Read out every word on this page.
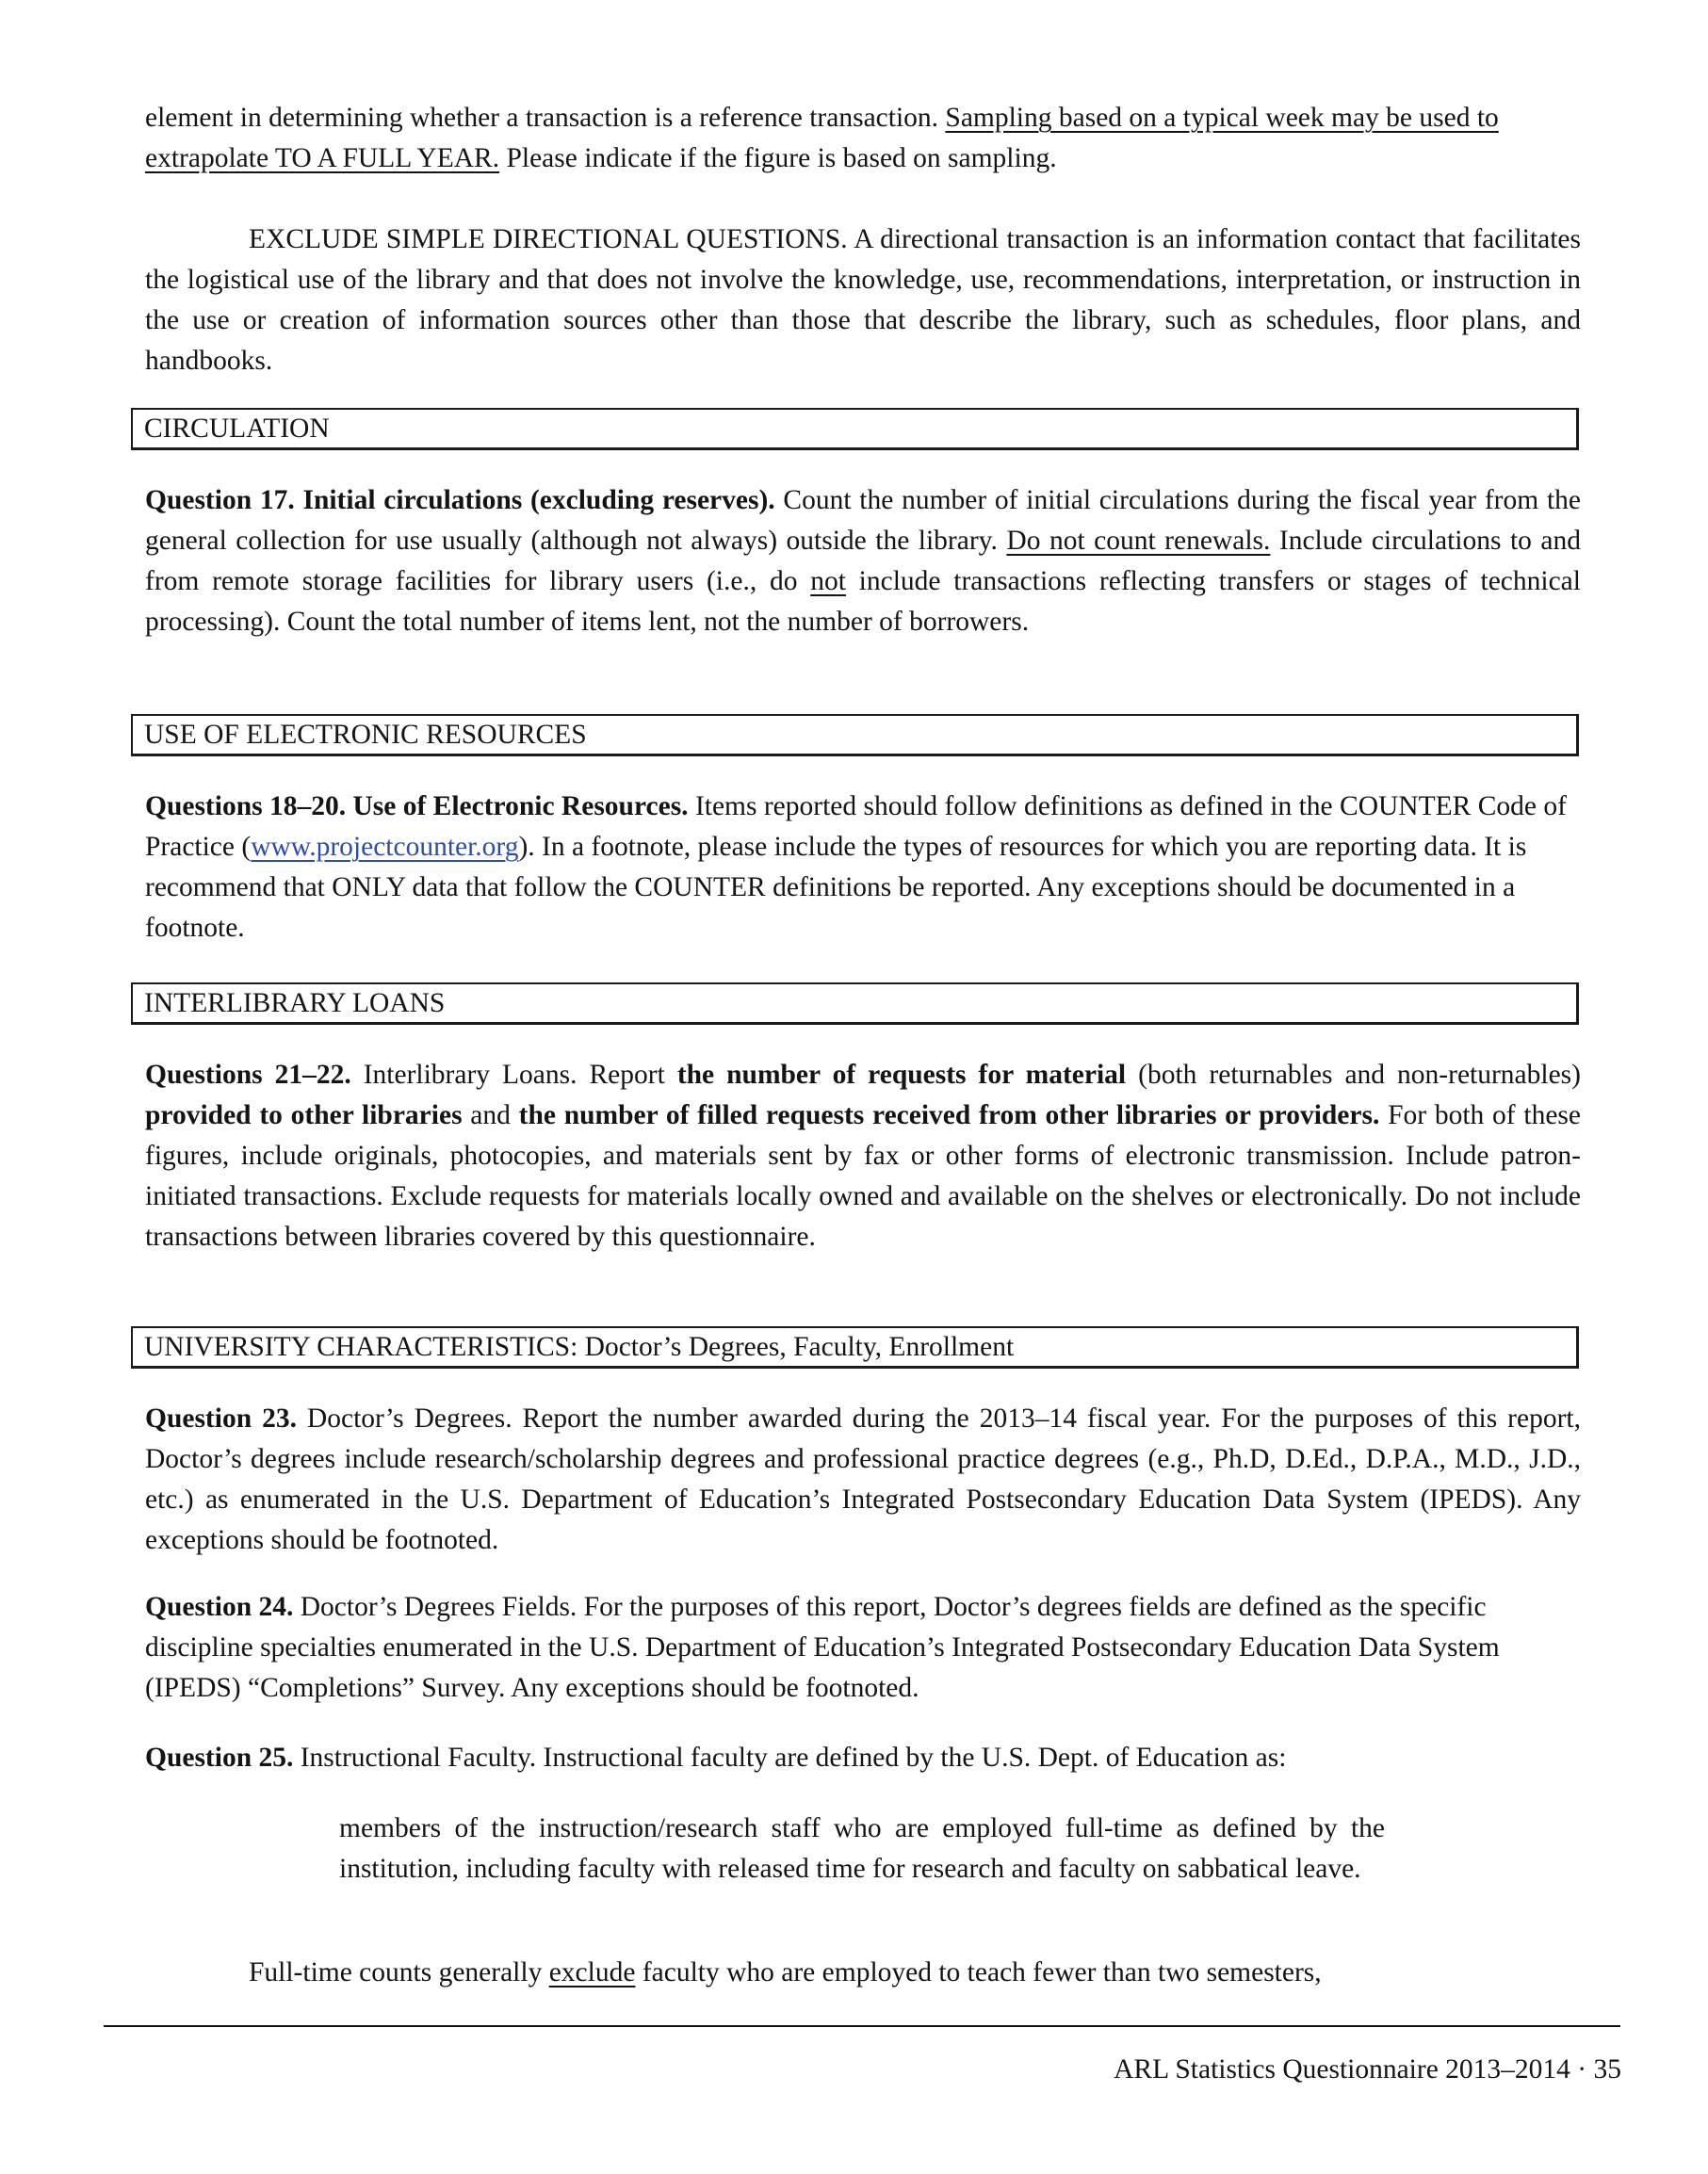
element in determining whether a transaction is a reference transaction. Sampling based on a typical week may be used to extrapolate TO A FULL YEAR. Please indicate if the figure is based on sampling.
EXCLUDE SIMPLE DIRECTIONAL QUESTIONS. A directional transaction is an information contact that facilitates the logistical use of the library and that does not involve the knowledge, use, recommendations, interpretation, or instruction in the use or creation of information sources other than those that describe the library, such as schedules, floor plans, and handbooks.
CIRCULATION
Question 17. Initial circulations (excluding reserves). Count the number of initial circulations during the fiscal year from the general collection for use usually (although not always) outside the library. Do not count renewals. Include circulations to and from remote storage facilities for library users (i.e., do not include transactions reflecting transfers or stages of technical processing). Count the total number of items lent, not the number of borrowers.
USE OF ELECTRONIC RESOURCES
Questions 18–20. Use of Electronic Resources. Items reported should follow definitions as defined in the COUNTER Code of Practice (www.projectcounter.org). In a footnote, please include the types of resources for which you are reporting data. It is recommend that ONLY data that follow the COUNTER definitions be reported. Any exceptions should be documented in a footnote.
INTERLIBRARY LOANS
Questions 21–22. Interlibrary Loans. Report the number of requests for material (both returnables and non-returnables) provided to other libraries and the number of filled requests received from other libraries or providers. For both of these figures, include originals, photocopies, and materials sent by fax or other forms of electronic transmission. Include patron-initiated transactions. Exclude requests for materials locally owned and available on the shelves or electronically. Do not include transactions between libraries covered by this questionnaire.
UNIVERSITY CHARACTERISTICS: Doctor’s Degrees, Faculty, Enrollment
Question 23. Doctor’s Degrees. Report the number awarded during the 2013–14 fiscal year. For the purposes of this report, Doctor’s degrees include research/scholarship degrees and professional practice degrees (e.g., Ph.D, D.Ed., D.P.A., M.D., J.D., etc.) as enumerated in the U.S. Department of Education’s Integrated Postsecondary Education Data System (IPEDS). Any exceptions should be footnoted.
Question 24. Doctor’s Degrees Fields. For the purposes of this report, Doctor’s degrees fields are defined as the specific discipline specialties enumerated in the U.S. Department of Education’s Integrated Postsecondary Education Data System (IPEDS) “Completions” Survey. Any exceptions should be footnoted.
Question 25. Instructional Faculty. Instructional faculty are defined by the U.S. Dept. of Education as:
members of the instruction/research staff who are employed full-time as defined by the institution, including faculty with released time for research and faculty on sabbatical leave.
Full-time counts generally exclude faculty who are employed to teach fewer than two semesters,
ARL Statistics Questionnaire 2013–2014 · 35
